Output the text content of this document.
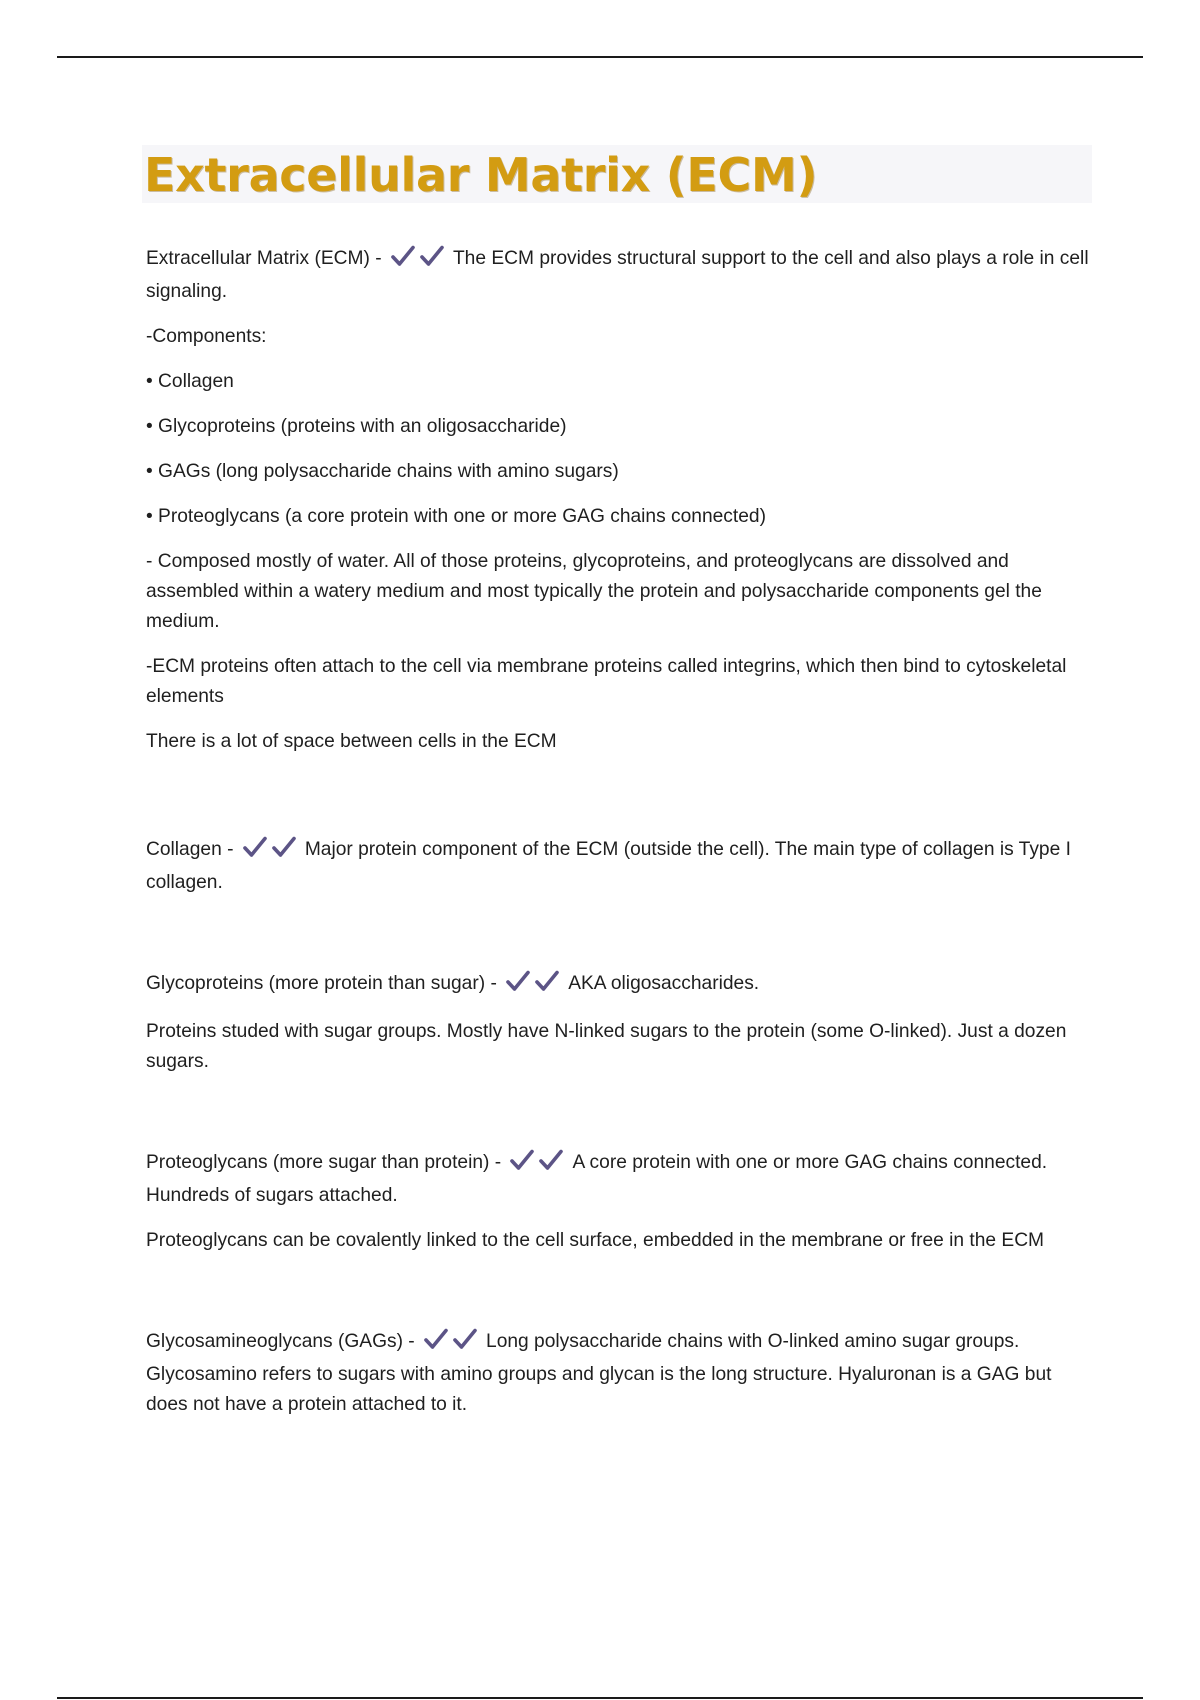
Extracellular Matrix (ECM)

Extracellular Matrix (ECM) -	The ECM provides structural support to the cell and also plays a role in cell signaling.

-Components:

• Collagen

• Glycoproteins (proteins with an oligosaccharide)

• GAGs (long polysaccharide chains with amino sugars)

• Proteoglycans (a core protein with one or more GAG chains connected)

- Composed mostly of water. All of those proteins, glycoproteins, and proteoglycans are dissolved and assembled within a watery medium and most typically the protein and polysaccharide components gel the medium.

-ECM proteins often attach to the cell via membrane proteins called integrins, which then bind to cytoskeletal elements

There is a lot of space between cells in the ECM

Collagen -	Major protein component of the ECM (outside the cell). The main type of collagen is Type I collagen.

Glycoproteins (more protein than sugar) -	AKA oligosaccharides.

Proteins studed with sugar groups. Mostly have N-linked sugars to the protein (some O-linked). Just a dozen sugars.

Proteoglycans (more sugar than protein) -	A core protein with one or more GAG chains connected. Hundreds of sugars attached.

Proteoglycans can be covalently linked to the cell surface, embedded in the membrane or free in the ECM

Glycosamineoglycans (GAGs) -	Long polysaccharide chains with O-linked amino sugar groups. Glycosamino refers to sugars with amino groups and glycan is the long structure. Hyaluronan is a GAG but does not have a protein attached to it.
